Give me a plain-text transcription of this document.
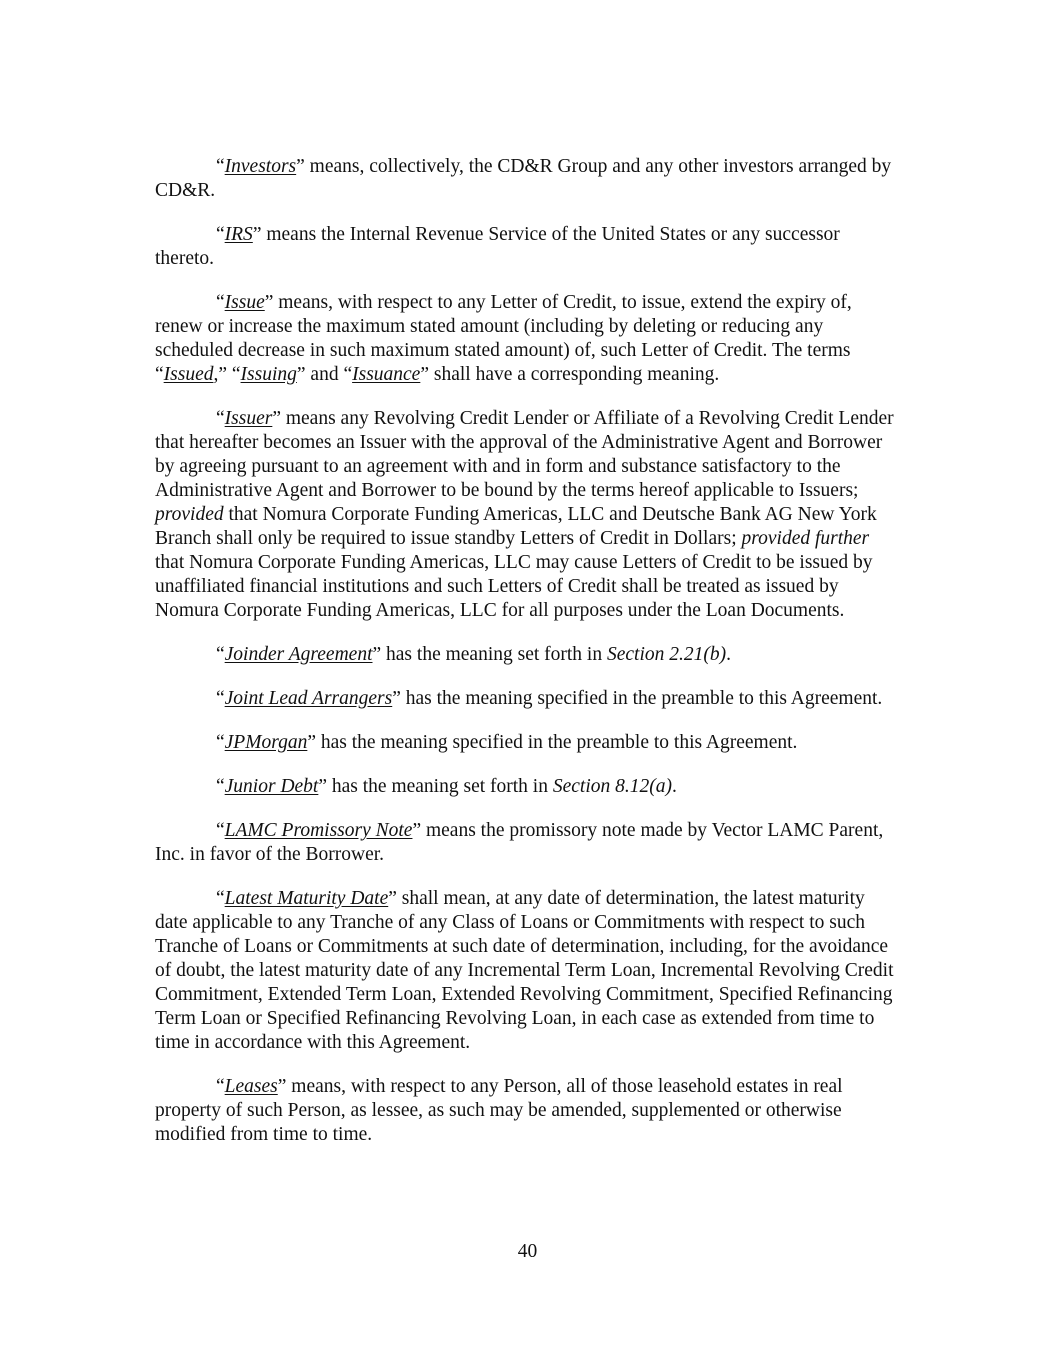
“Investors” means, collectively, the CD&R Group and any other investors arranged by CD&R.

“IRS” means the Internal Revenue Service of the United States or any successor thereto.

“Issue” means, with respect to any Letter of Credit, to issue, extend the expiry of, renew or increase the maximum stated amount (including by deleting or reducing any scheduled decrease in such maximum stated amount) of, such Letter of Credit. The terms “Issued,” “Issuing” and “Issuance” shall have a corresponding meaning.

“Issuer” means any Revolving Credit Lender or Affiliate of a Revolving Credit Lender that hereafter becomes an Issuer with the approval of the Administrative Agent and Borrower by agreeing pursuant to an agreement with and in form and substance satisfactory to the Administrative Agent and Borrower to be bound by the terms hereof applicable to Issuers; provided that Nomura Corporate Funding Americas, LLC and Deutsche Bank AG New York Branch shall only be required to issue standby Letters of Credit in Dollars; provided further that Nomura Corporate Funding Americas, LLC may cause Letters of Credit to be issued by unaffiliated financial institutions and such Letters of Credit shall be treated as issued by Nomura Corporate Funding Americas, LLC for all purposes under the Loan Documents.

“Joinder Agreement” has the meaning set forth in Section 2.21(b).

“Joint Lead Arrangers” has the meaning specified in the preamble to this Agreement.

“JPMorgan” has the meaning specified in the preamble to this Agreement.

“Junior Debt” has the meaning set forth in Section 8.12(a).

“LAMC Promissory Note” means the promissory note made by Vector LAMC Parent, Inc. in favor of the Borrower.

“Latest Maturity Date” shall mean, at any date of determination, the latest maturity date applicable to any Tranche of any Class of Loans or Commitments with respect to such Tranche of Loans or Commitments at such date of determination, including, for the avoidance of doubt, the latest maturity date of any Incremental Term Loan, Incremental Revolving Credit Commitment, Extended Term Loan, Extended Revolving Commitment, Specified Refinancing Term Loan or Specified Refinancing Revolving Loan, in each case as extended from time to time in accordance with this Agreement.

“Leases” means, with respect to any Person, all of those leasehold estates in real property of such Person, as lessee, as such may be amended, supplemented or otherwise modified from time to time.

40
